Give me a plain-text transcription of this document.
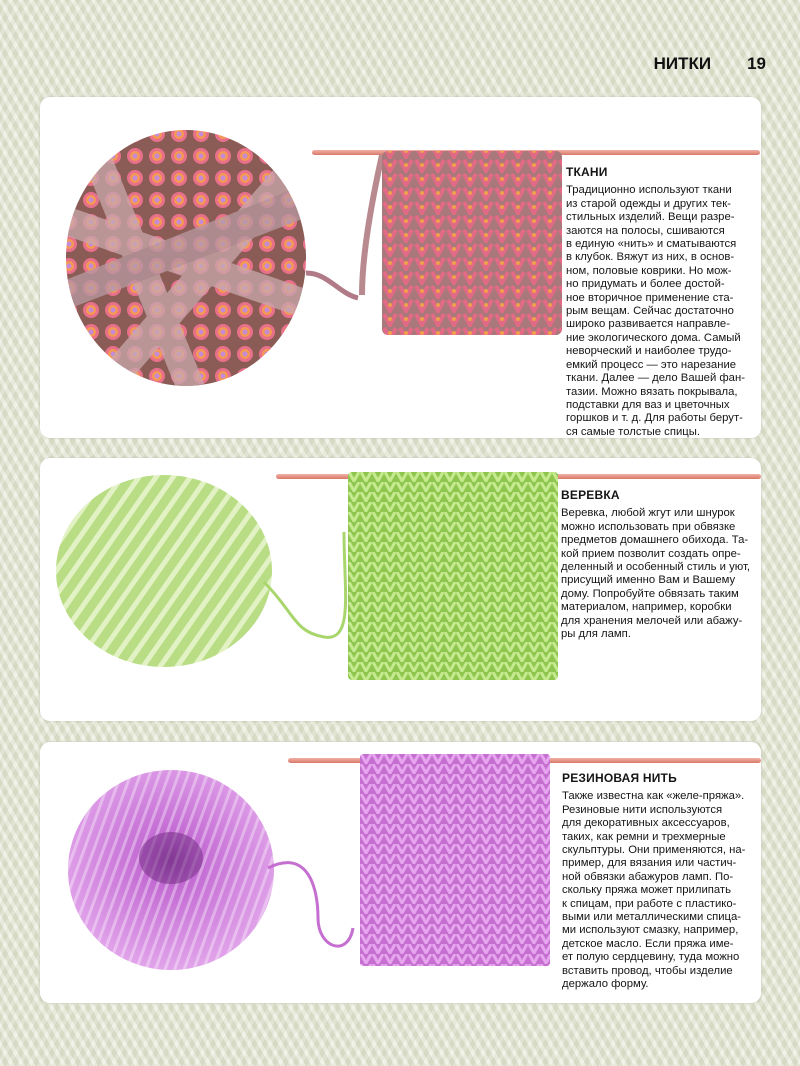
НИТКИ 19
ТКАНИ

Традиционно используют ткани
из старой одежды и других тек-
стильных изделий. Вещи разре-
заются на полосы, сшиваются
в единую «нить» и сматываются
в клубок. Вяжут из них, в основ-
ном, половые коврики. Но мож-
но придумать и более достой-
ное вторичное применение ста-
рым вещам. Сейчас достаточно
широко развивается направле-
ние экологического дома. Самый
неворческий и наиболее трудо-
емкий процесс — это нарезание
ткани. Далее — дело Вашей фан-
тазии. Можно вязать покрывала,
подставки для ваз и цветочных
горшков и т. д. Для работы берут-
ся самые толстые спицы.

ВЕРЕВКА

Веревка, любой жгут или шнурок
можно использовать при обвязке
предметов домашнего обихода. Та-
кой прием позволит создать опре-
деленный и особенный стиль и уют,
присущий именно Вам и Вашему
дому. Попробуйте обвязать таким
материалом, например, коробки
для хранения мелочей или абажу-
ры для ламп.

РЕЗИНОВАЯ НИТЬ

Также известна как «желе-пряжа».
Резиновые нити используются
для декоративных аксессуаров,
таких, как ремни и трехмерные
скульптуры. Они применяются, на-
пример, для вязания или частич-
ной обвязки абажуров ламп. По-
скольку пряжа может прилипать
к спицам, при работе с пластико-
выми или металлическими спица-
ми используют смазку, например,
детское масло. Если пряжа име-
ет полую сердцевину, туда можно
вставить провод, чтобы изделие
держало форму.
